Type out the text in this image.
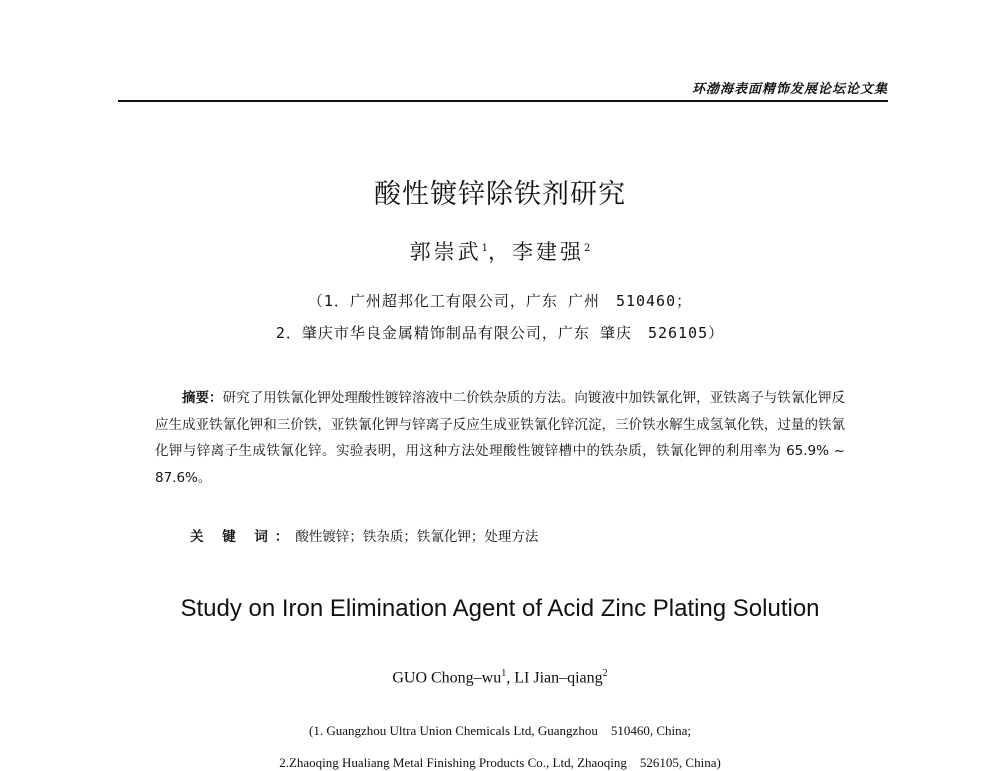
环渤海表面精饰发展论坛论文集
酸性镀锌除铁剂研究
郭崇武$^1$，李建强$^2$
（1．广州超邦化工有限公司，广东 广州　510460；
2．肇庆市华良金属精饰制品有限公司，广东 肇庆　526105）

摘要：研究了用铁氰化钾处理酸性镀锌溶液中二价铁杂质的方法。向镀液中加铁氰化钾，亚铁离子与铁氰化钾反应生成亚铁氰化钾和三价铁，亚铁氰化钾与锌离子反应生成亚铁氰化锌沉淀，三价铁水解生成氢氧化铁，过量的铁氰化钾与锌离子生成铁氰化锌。实验表明，用这种方法处理酸性镀锌槽中的铁杂质，铁氰化钾的利用率为 65.9% ~ 87.6%。

关 键 词：酸性镀锌；铁杂质；铁氰化钾；处理方法
Study on Iron Elimination Agent of Acid Zinc Plating Solution
GUO Chong–$wu^1$, LI Jian–qiang$^2$
(1. Guangzhou Ultra Union Chemicals Ltd, Guangzhou　510460, China;
2.Zhaoqing Hualiang Metal Finishing Products Co., Ltd, Zhaoqing　526105, China)
